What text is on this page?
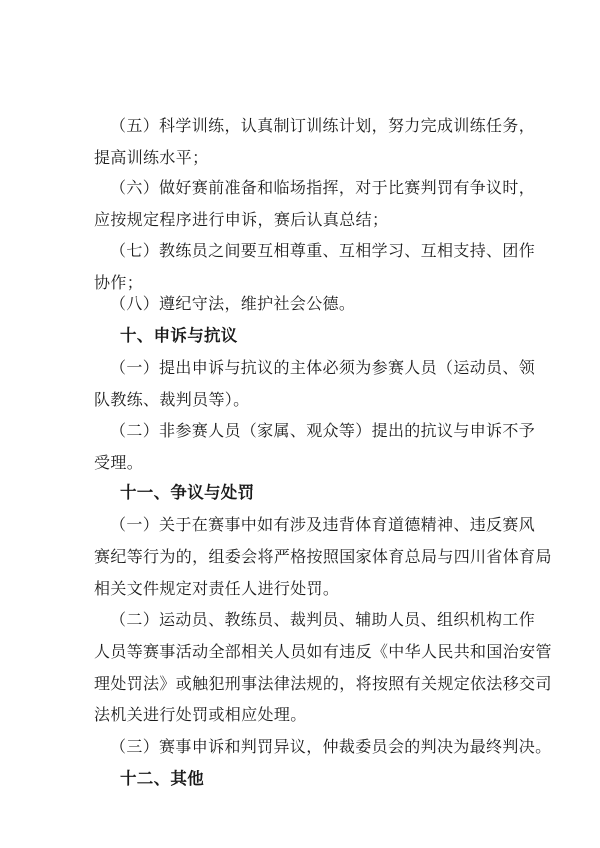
（五）科学训练，认真制订训练计划，努力完成训练任务，
提高训练水平；
（六）做好赛前准备和临场指挥，对于比赛判罚有争议时，
应按规定程序进行申诉，赛后认真总结；
（七）教练员之间要互相尊重、互相学习、互相支持、团作
协作；
（八）遵纪守法，维护社会公德。
十、申诉与抗议
（一）提出申诉与抗议的主体必须为参赛人员（运动员、领
队教练、裁判员等）。
（二）非参赛人员（家属、观众等）提出的抗议与申诉不予
受理。
十一、争议与处罚
（一）关于在赛事中如有涉及违背体育道德精神、违反赛风
赛纪等行为的，组委会将严格按照国家体育总局与四川省体育局
相关文件规定对责任人进行处罚。
（二）运动员、教练员、裁判员、辅助人员、组织机构工作
人员等赛事活动全部相关人员如有违反《中华人民共和国治安管
理处罚法》或触犯刑事法律法规的，将按照有关规定依法移交司
法机关进行处罚或相应处理。
（三）赛事申诉和判罚异议，仲裁委员会的判决为最终判决。
十二、其他
